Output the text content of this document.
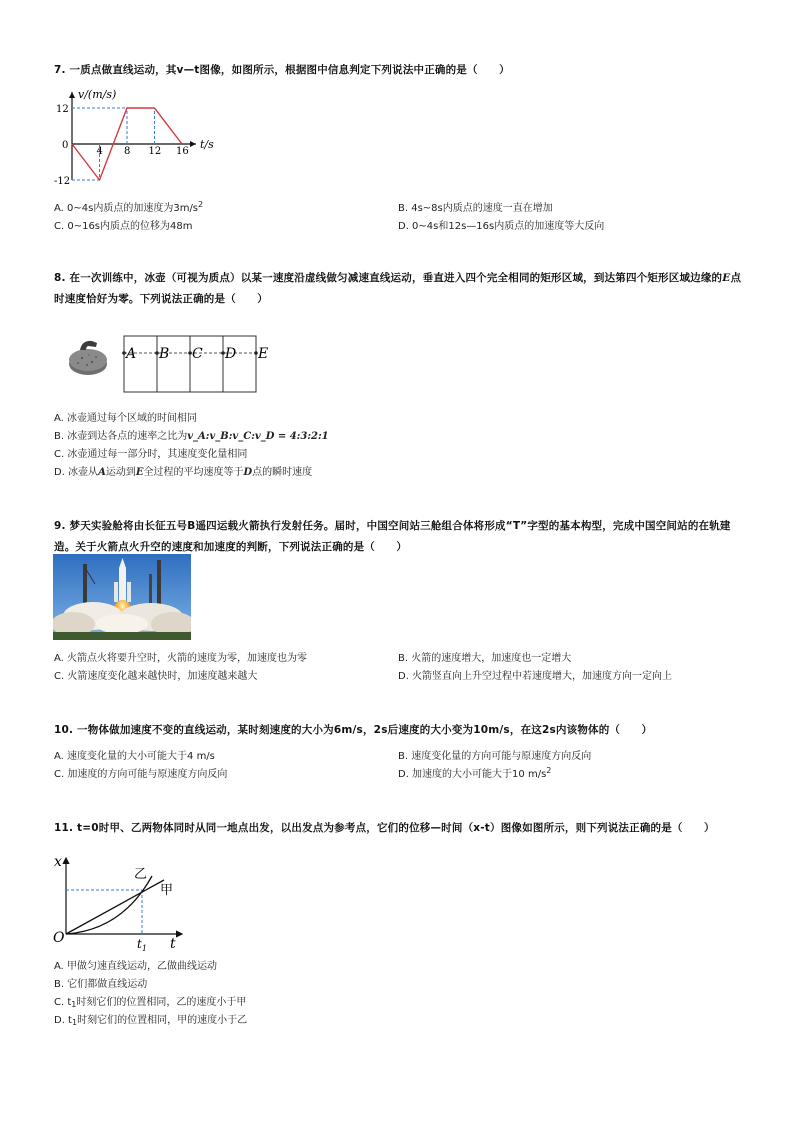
7. 一质点做直线运动，其v—t图像，如图所示，根据图中信息判定下列说法中正确的是（　　）
4 8 12 16
12
0
-12
v/(m/s)
t/s
A. 0~4s内质点的加速度为$3m/s^2$	B. 4s~8s内质点的速度一直在增加
C. 0~16s内质点的位移为48m	D. 0~4s和12s—16s内质点的加速度等大反向
8. 在一次训练中，冰壶（可视为质点）以某一速度沿虚线做匀减速直线运动，垂直进入四个完全相同的矩形区域，到达第四个矩形区域边缘的E点时速度恰好为零。下列说法正确的是（　　）
A B C D E
A. 冰壶通过每个区域的时间相同
B. 冰壶到达各点的速率之比为v_A:v_B:v_C:v_D = 4:3:2:1
C. 冰壶通过每一部分时，其速度变化量相同
D. 冰壶从A运动到E全过程的平均速度等于D点的瞬时速度
9. 梦天实验舱将由长征五号B遥四运载火箭执行发射任务。届时，中国空间站三舱组合体将形成“T”字型的基本构型，完成中国空间站的在轨建造。关于火箭点火升空的速度和加速度的判断，下列说法正确的是（　　）
A. 火箭点火将要升空时，火箭的速度为零，加速度也为零	B. 火箭的速度增大，加速度也一定增大
C. 火箭速度变化越来越快时，加速度越来越大	D. 火箭竖直向上升空过程中若速度增大，加速度方向一定向上
10. 一物体做加速度不变的直线运动，某时刻速度的大小为6m/s，2s后速度的大小变为10m/s，在这2s内该物体的（　　）
A. 速度变化量的大小可能大于4 m/s	B. 速度变化量的方向可能与原速度方向反向
C. 加速度的方向可能与原速度方向反向	D. 加速度的大小可能大于10 $m/s^2$
11. t=0时甲、乙两物体同时从同一地点出发，以出发点为参考点，它们的位移—时间（x-t）图像如图所示，则下列说法正确的是（　　）
x
t
O	$t_1$
乙
甲
A. 甲做匀速直线运动，乙做曲线运动
B. 它们都做直线运动
C. $t_1$时刻它们的位置相同，乙的速度小于甲
D. $t_1$时刻它们的位置相同，甲的速度小于乙
